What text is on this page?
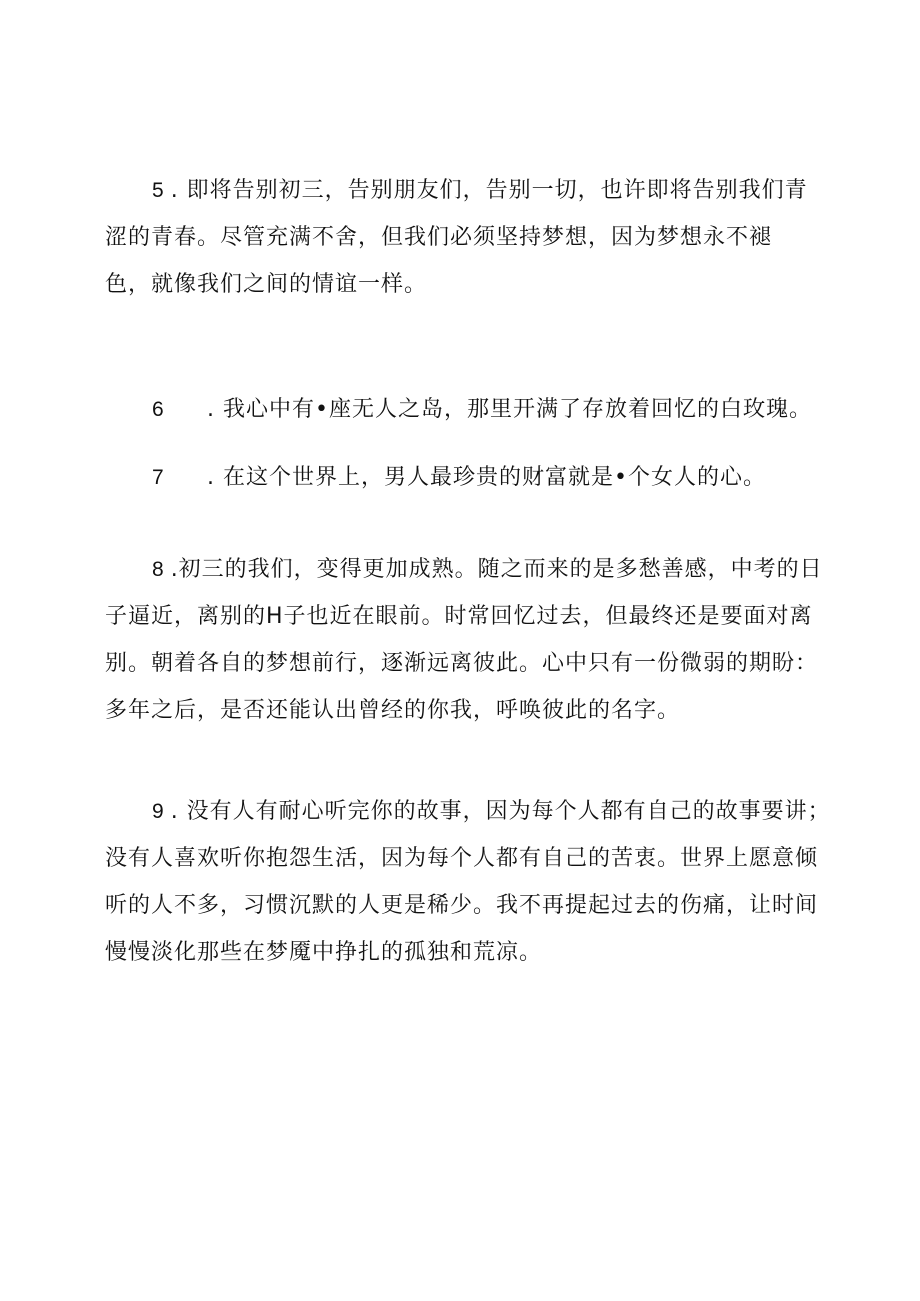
5 . 即将告别初三，告别朋友们，告别一切，也许即将告别我们青
涩的青春。尽管充满不舍，但我们必须坚持梦想，因为梦想永不褪
色，就像我们之间的情谊一样。
6 . 我心中有•座无人之岛，那里开满了存放着回忆的白玫瑰。
7 . 在这个世界上，男人最珍贵的财富就是•个女人的心。
8 .初三的我们，变得更加成熟。随之而来的是多愁善感，中考的日
子逼近，离别的H子也近在眼前。时常回忆过去，但最终还是要面对离
别。朝着各自的梦想前行，逐渐远离彼此。心中只有一份微弱的期盼：
多年之后，是否还能认出曾经的你我，呼唤彼此的名字。
9 . 没有人有耐心听完你的故事，因为每个人都有自己的故事要讲；
没有人喜欢听你抱怨生活，因为每个人都有自己的苦衷。世界上愿意倾
听的人不多，习惯沉默的人更是稀少。我不再提起过去的伤痛，让时间
慢慢淡化那些在梦魇中挣扎的孤独和荒凉。
